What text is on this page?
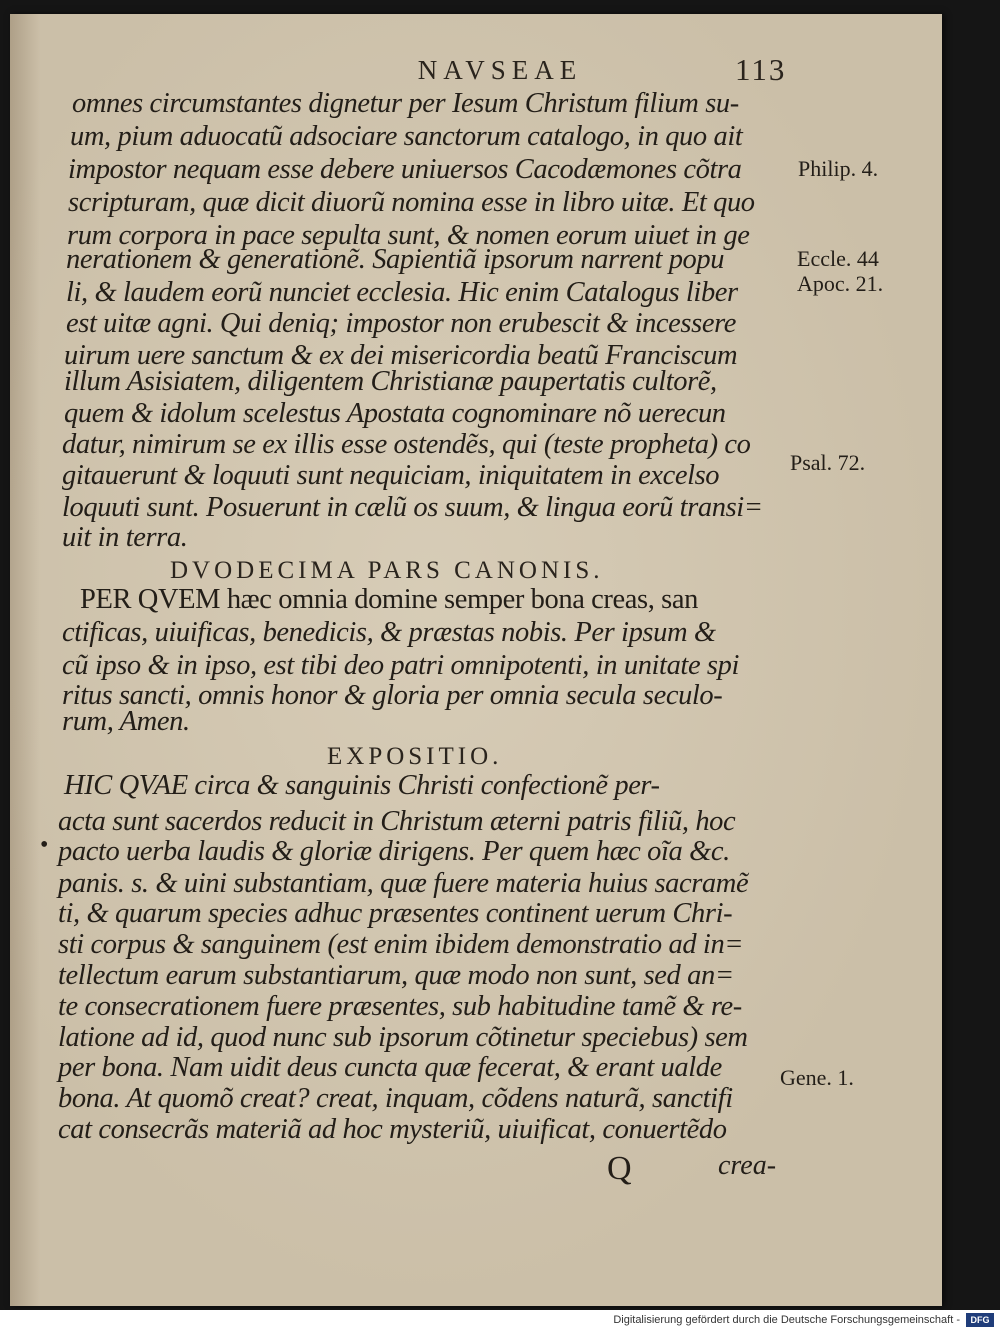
NAVSEAE	113
omnes circumstantes dignetur per Iesum Christum filium su-
um, pium aduocatũ adsociare sanctorum catalogo, in quo ait
impostor nequam esse debere uniuersos Cacodæmones cõtra
scripturam, quæ dicit diuorũ nomina esse in libro uitæ. Et quo
rum corpora in pace sepulta sunt, & nomen eorum uiuet in ge
nerationem & generationẽ. Sapientiã ipsorum narrent popu
li, & laudem eorũ nunciet ecclesia. Hic enim Catalogus liber
est uitæ agni. Qui deniq; impostor non erubescit & incessere
uirum uere sanctum & ex dei misericordia beatũ Franciscum
illum Asisiatem, diligentem Christianæ paupertatis cultorẽ,
quem & idolum scelestus Apostata cognominare nõ uerecun
datur, nimirum se ex illis esse ostendẽs, qui (teste propheta) co
gitauerunt & loquuti sunt nequiciam, iniquitatem in excelso
loquuti sunt. Posuerunt in cælũ os suum, & lingua eorũ transi=
uit in terra.
DVODECIMA PARS CANONIS.
PER QVEM hæc omnia domine semper bona creas, san
ctificas, uiuificas, benedicis, & præstas nobis. Per ipsum &
cũ ipso & in ipso, est tibi deo patri omnipotenti, in unitate spi
ritus sancti, omnis honor & gloria per omnia secula seculo-
rum, Amen.
EXPOSITIO.
HIC QVAE circa & sanguinis Christi confectionẽ per-
acta sunt sacerdos reducit in Christum æterni patris filiũ, hoc
• pacto uerba laudis & gloriæ dirigens. Per quem hæc oĩa &c.
panis. s. & uini substantiam, quæ fuere materia huius sacramẽ
ti, & quarum species adhuc præsentes continent uerum Chri-
sti corpus & sanguinem (est enim ibidem demonstratio ad in=
tellectum earum substantiarum, quæ modo non sunt, sed an=
te consecrationem fuere præsentes, sub habitudine tamẽ & re-
latione ad id, quod nunc sub ipsorum cõtinetur speciebus) sem
per bona. Nam uidit deus cuncta quæ fecerat, & erant ualde
bona. At quomõ creat? creat, inquam, cõdens naturã, sanctifi
cat consecrãs materiã ad hoc mysteriũ, uiuificat, conuertẽdo
Philip. 4.
Eccle. 44
Apoc. 21.
Psal. 72.
Gene. 1.
Q	crea-
Digitalisierung gefördert durch die Deutsche Forschungsgemeinschaft -	DFG
